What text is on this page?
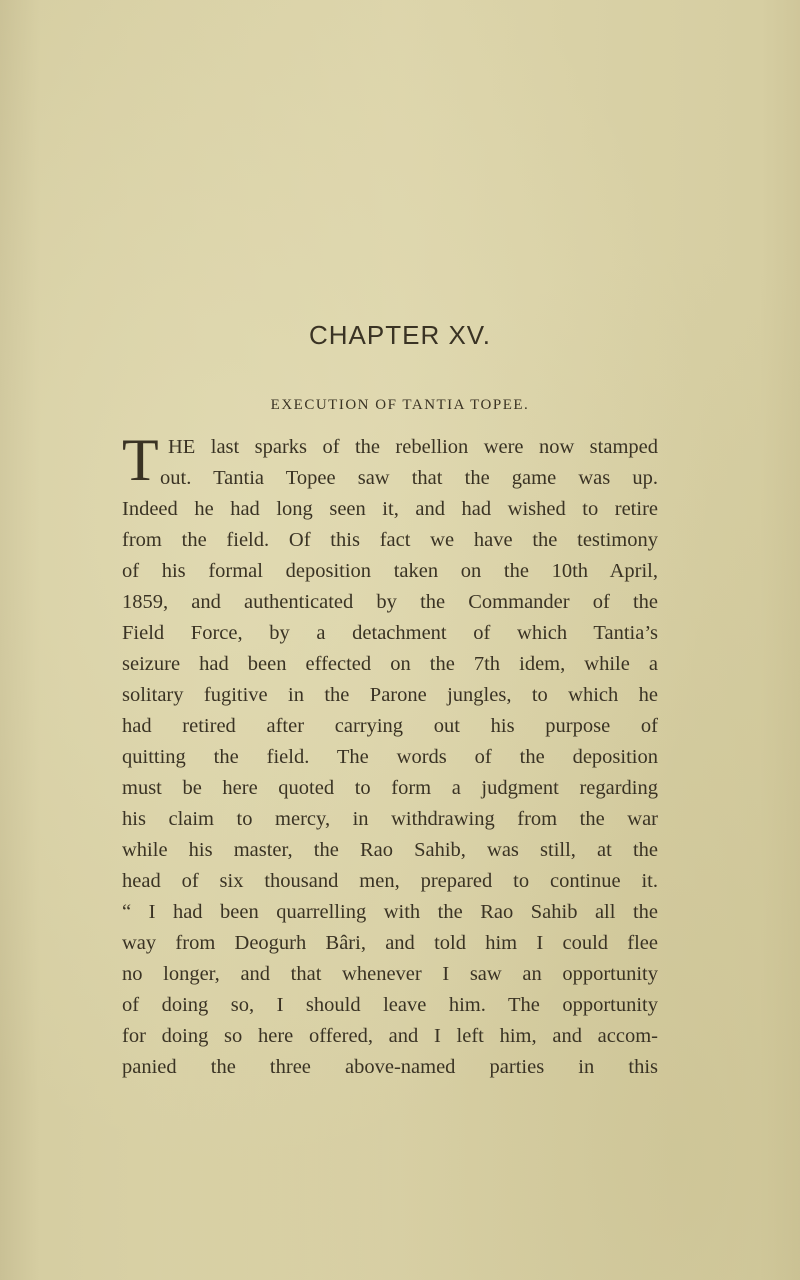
CHAPTER XV.
EXECUTION OF TANTIA TOPEE.
T HE last sparks of the rebellion were now stamped
out. Tantia Topee saw that the game was up.
Indeed he had long seen it, and had wished to retire
from the field. Of this fact we have the testimony
of his formal deposition taken on the 10th April,
1859, and authenticated by the Commander of the
Field Force, by a detachment of which Tantia’s
seizure had been effected on the 7th idem, while a
solitary fugitive in the Parone jungles, to which he
had retired after carrying out his purpose of
quitting the field. The words of the deposition
must be here quoted to form a judgment regarding
his claim to mercy, in withdrawing from the war
while his master, the Rao Sahib, was still, at the
head of six thousand men, prepared to continue it.
“ I had been quarrelling with the Rao Sahib all the
way from Deogurh Bâri, and told him I could flee
no longer, and that whenever I saw an opportunity
of doing so, I should leave him. The opportunity
for doing so here offered, and I left him, and accom-
panied the three above-named parties in this
